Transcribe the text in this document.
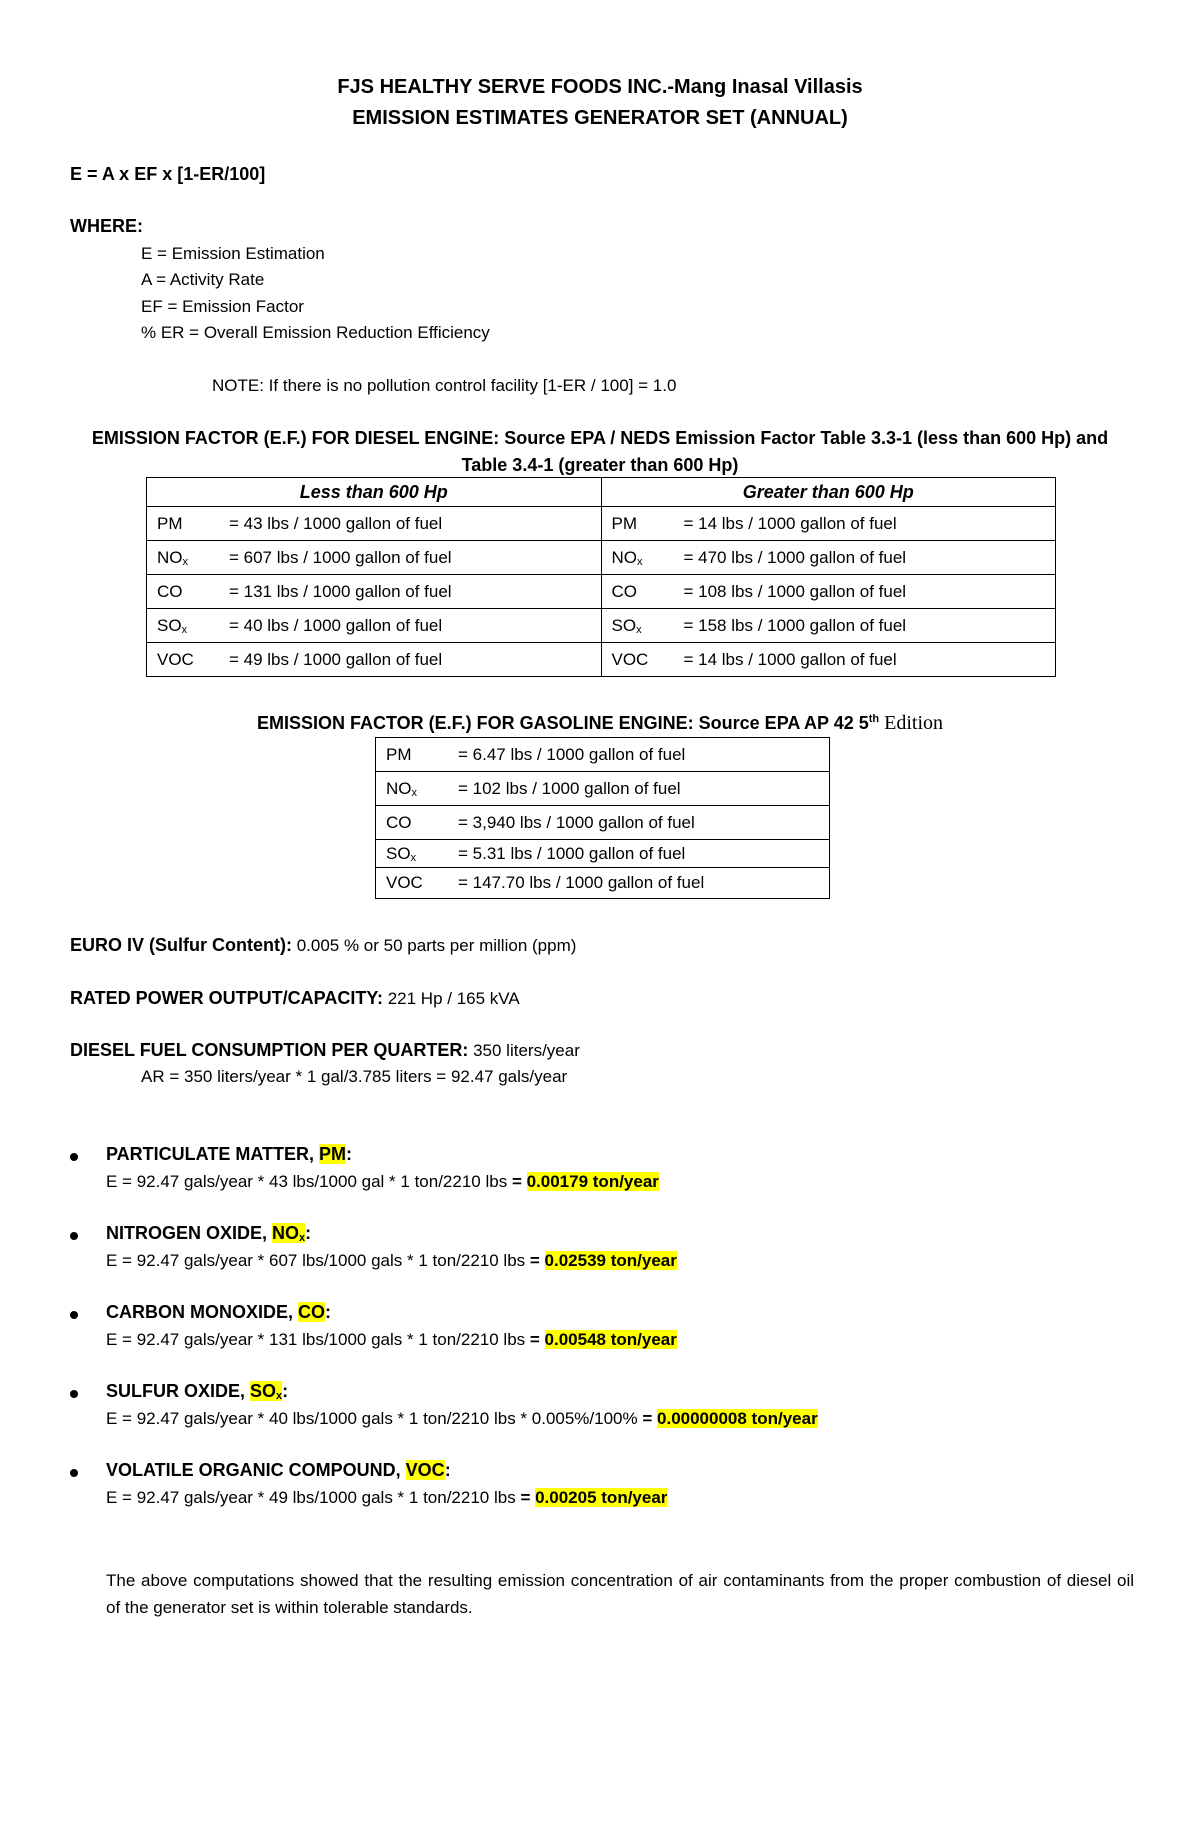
FJS HEALTHY SERVE FOODS INC.-Mang Inasal Villasis
EMISSION ESTIMATES GENERATOR SET (ANNUAL)
E = A x EF x [1-ER/100]
WHERE:
E = Emission Estimation
A = Activity Rate
EF = Emission Factor
% ER = Overall Emission Reduction Efficiency
NOTE: If there is no pollution control facility [1-ER / 100] = 1.0
EMISSION FACTOR (E.F.) FOR DIESEL ENGINE: Source EPA / NEDS Emission Factor Table 3.3-1 (less than 600 Hp) and
Table 3.4-1 (greater than 600 Hp)
Less than 600 Hp	Greater than 600 Hp
PM = 43 lbs / 1000 gallon of fuel	PM = 14 lbs / 1000 gallon of fuel
$NO_x = 607$ lbs / 1000 gallon of fuel	$NO_x = 470$ lbs / 1000 gallon of fuel
CO = 131 lbs / 1000 gallon of fuel	CO = 108 lbs / 1000 gallon of fuel
$SO_x = 40$ lbs / 1000 gallon of fuel	$SO_x = 158$ lbs / 1000 gallon of fuel
VOC = 49 lbs / 1000 gallon of fuel	VOC = 14 lbs / 1000 gallon of fuel
EMISSION FACTOR (E.F.) FOR GASOLINE ENGINE: Source EPA AP 42 5th Edition
PM	= 6.47 lbs / 1000 gallon of fuel
$NO_x = 102$ lbs / 1000 gallon of fuel
CO	= 3,940 lbs / 1000 gallon of fuel
$SO_x = 5.31$ lbs / 1000 gallon of fuel
VOC = 147.70 lbs / 1000 gallon of fuel
EURO IV (Sulfur Content): 0.005 % or 50 parts per million (ppm)
RATED POWER OUTPUT/CAPACITY: 221 Hp / 165 kVA
DIESEL FUEL CONSUMPTION PER QUARTER: 350 liters/year
AR = 350 liters/year * 1 gal/3.785 liters = 92.47 gals/year
PARTICULATE MATTER, PM:
E = 92.47 gals/year * 43 lbs/1000 gal * 1 ton/2210 lbs = 0.00179 ton/year
NITROGEN OXIDE, $NO_x$:
E = 92.47 gals/year * 607 lbs/1000 gals * 1 ton/2210 lbs = 0.02539 ton/year
CARBON MONOXIDE, CO:
E = 92.47 gals/year * 131 lbs/1000 gals * 1 ton/2210 lbs = 0.00548 ton/year
SULFUR OXIDE, $SO_x$:
E = 92.47 gals/year * 40 lbs/1000 gals * 1 ton/2210 lbs * 0.005%/100% = 0.00000008 ton/year
VOLATILE ORGANIC COMPOUND, VOC:
E = 92.47 gals/year * 49 lbs/1000 gals * 1 ton/2210 lbs = 0.00205 ton/year
The above computations showed that the resulting emission concentration of air contaminants from the proper combustion of diesel oil of the generator set is within tolerable standards.
